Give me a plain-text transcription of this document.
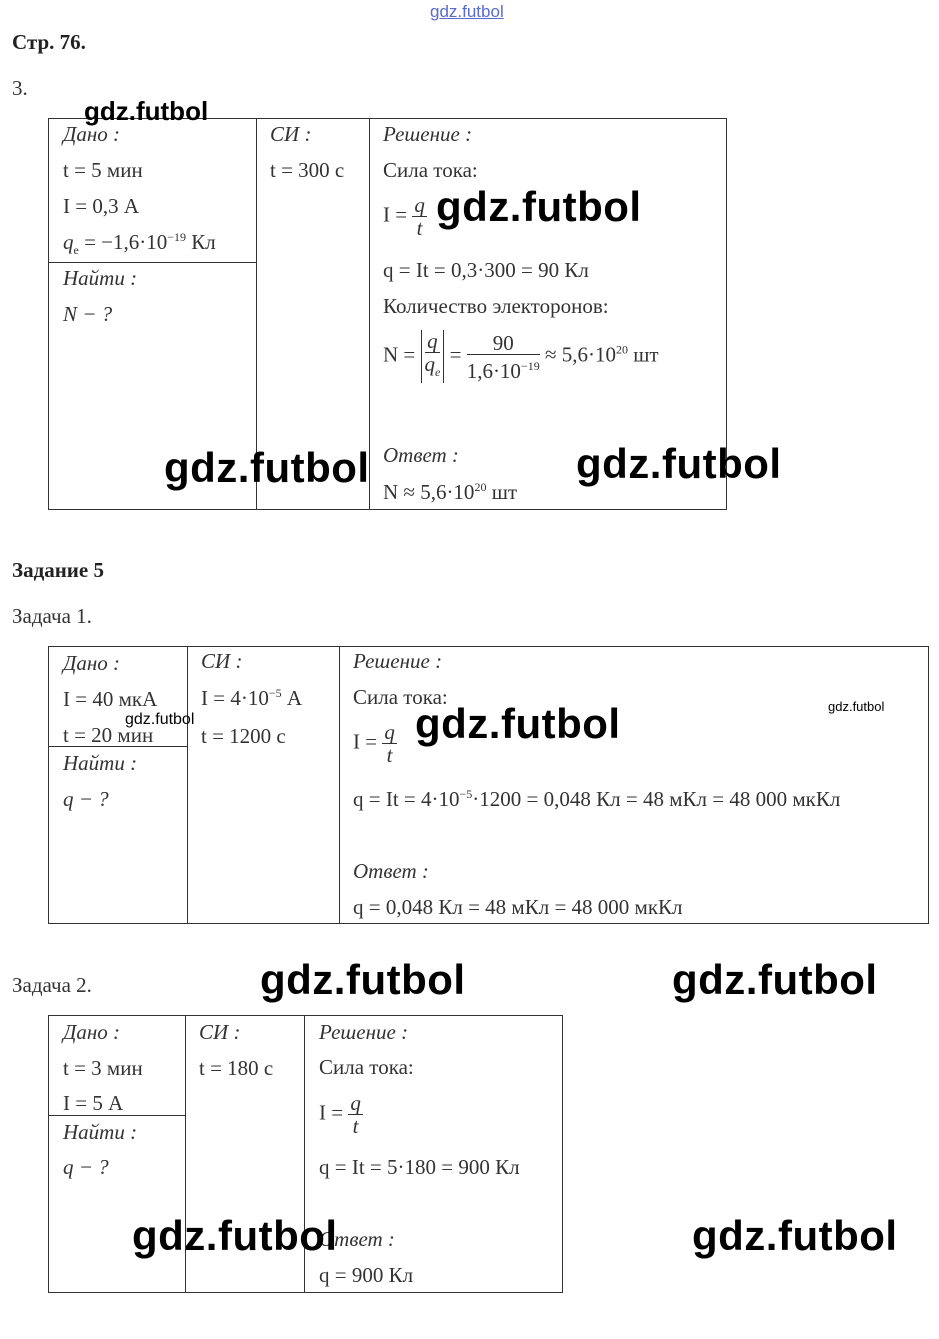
gdz.futbol
Стр. 76.
3.
Дано :
t = 5 мин
I = 0,3 А
$q_e = -1,6\cdot 10^{-19}$ Кл
Найти :
N − ?
СИ :
t = 300 с
Решение :
Сила тока:
$I = \frac{q}{t}$
q = It = 0,3·300 = 90 Кл
Количество электоронов:
$N = \frac{q}{q_e} = \frac{90}{1,6\cdot 10^{-19}} \approx 5,6\cdot 10^{20}$ шт
Ответ :
$N \approx 5,6\cdot 10^{20}$ шт
Задание 5
Задача 1.
Дано :
I = 40 мкА
t = 20 мин
Найти :
q − ?
СИ :
$I = 4\cdot 10^{-5}$ А
t = 1200 с
Решение :
Сила тока:
$I = \frac{q}{t}$
$q = It = 4\cdot 10^{-5}\cdot 1200 = 0,048$ Кл = 48 мКл = 48 000 мкКл
Ответ :
q = 0,048 Кл = 48 мКл = 48 000 мкКл
Задача 2.
Дано :
t = 3 мин
I = 5 А
Найти :
q − ?
СИ :
t = 180 с
Решение :
Сила тока:
$I = \frac{q}{t}$
q = It = 5·180 = 900 Кл
Ответ :
q = 900 Кл
gdz.futbol
gdz.futbol
gdz.futbol	gdz.futbol
gdz.futbol
gdz.futbol
gdz.futbol
gdz.futbol	gdz.futbol
gdz.futbol	gdz.futbol
